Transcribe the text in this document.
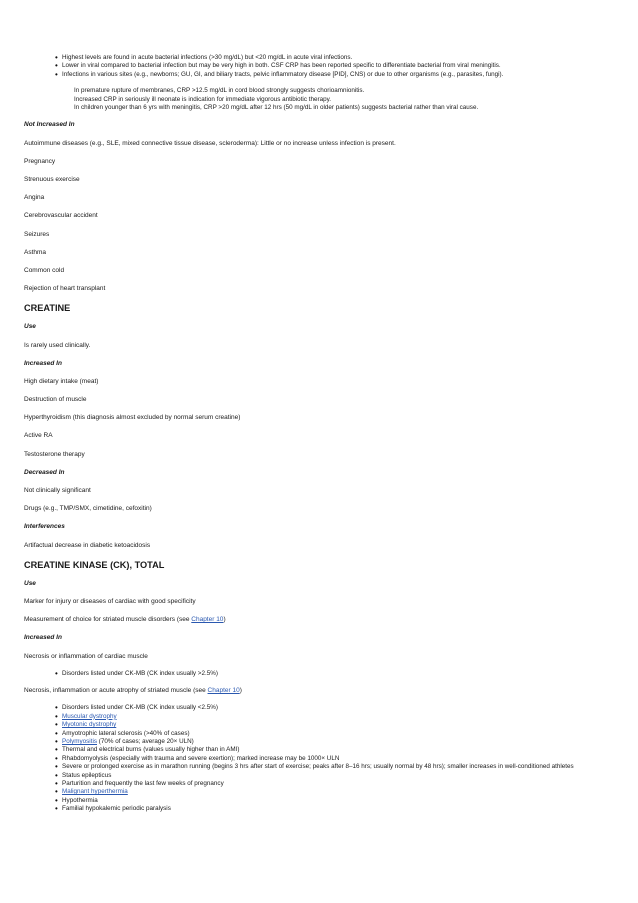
• Highest levels are found in acute bacterial infections (>30 mg/dL) but <20 mg/dL in acute viral infections.
• Lower in viral compared to bacterial infection but may be very high in both. CSF CRP has been reported specific to differentiate bacterial from viral meningitis.
• Infections in various sites (e.g., newborns; GU, GI, and biliary tracts, pelvic inflammatory disease [PID], CNS) or due to other organisms (e.g., parasites, fungi).
In premature rupture of membranes, CRP >12.5 mg/dL in cord blood strongly suggests chorioamnionitis.
Increased CRP in seriously ill neonate is indication for immediate vigorous antibiotic therapy.
In children younger than 6 yrs with meningitis, CRP >20 mg/dL after 12 hrs (50 mg/dL in older patients) suggests bacterial rather than viral cause.
Not Increased In
Autoimmune diseases (e.g., SLE, mixed connective tissue disease, scleroderma): Little or no increase unless infection is present.
Pregnancy
Strenuous exercise
Angina
Cerebrovascular accident
Seizures
Asthma
Common cold
Rejection of heart transplant
CREATINE
Use
Is rarely used clinically.
Increased In
High dietary intake (meat)
Destruction of muscle
Hyperthyroidism (this diagnosis almost excluded by normal serum creatine)
Active RA
Testosterone therapy
Decreased In
Not clinically significant
Drugs (e.g., TMP/SMX, cimetidine, cefoxitin)
Interferences
Artifactual decrease in diabetic ketoacidosis
CREATINE KINASE (CK), TOTAL
Use
Marker for injury or diseases of cardiac with good specificity
Measurement of choice for striated muscle disorders (see Chapter 10)
Increased In
Necrosis or inflammation of cardiac muscle
• Disorders listed under CK-MB (CK index usually >2.5%)
Necrosis, inflammation or acute atrophy of striated muscle (see Chapter 10)
• Disorders listed under CK-MB (CK index usually <2.5%)
• Muscular dystrophy
• Myotonic dystrophy
• Amyotrophic lateral sclerosis (>40% of cases)
• Polymyositis (70% of cases; average 20× ULN)
• Thermal and electrical burns (values usually higher than in AMI)
• Rhabdomyolysis (especially with trauma and severe exertion); marked increase may be 1000× ULN
• Severe or prolonged exercise as in marathon running (begins 3 hrs after start of exercise; peaks after 8–16 hrs; usually normal by 48 hrs); smaller increases in well-conditioned athletes
• Status epilepticus
• Parturition and frequently the last few weeks of pregnancy
• Malignant hyperthermia
• Hypothermia
• Familial hypokalemic periodic paralysis
